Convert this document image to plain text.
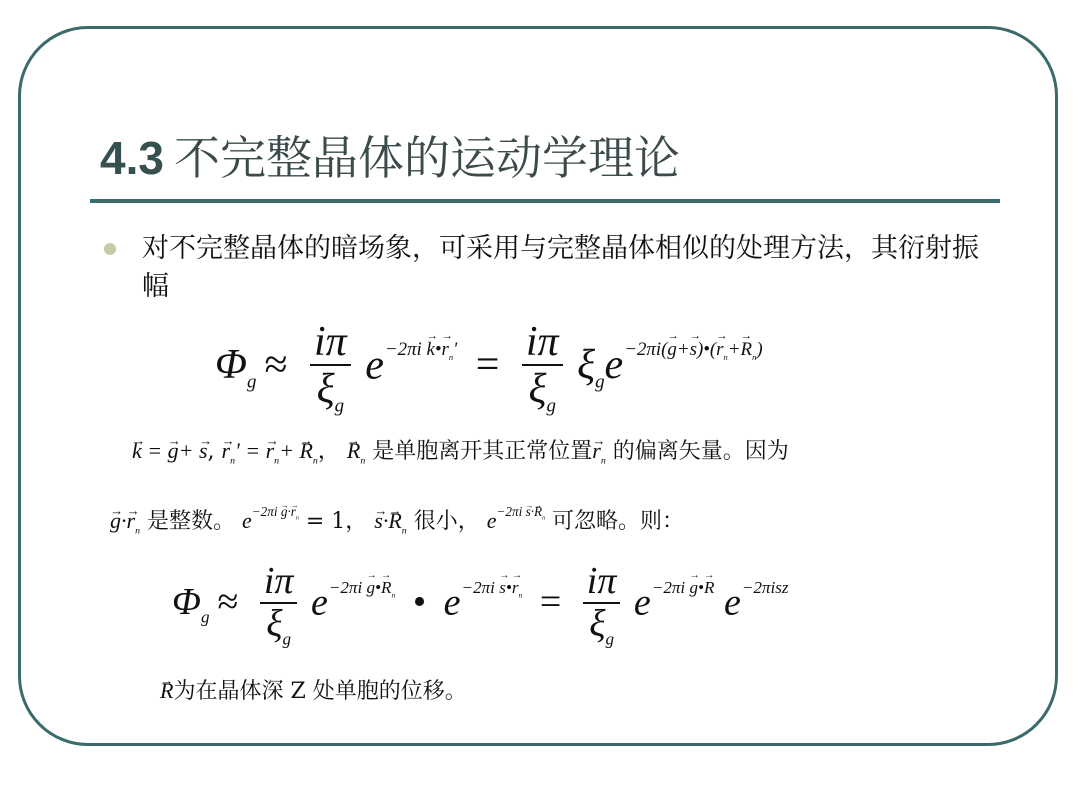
4.3 不完整晶体的运动学理论

对不完整晶体的暗场象，可采用与完整晶体相似的处理方法，其衍射振幅

$\Phi_g \approx \frac{i\pi}{\xi_g} e^{-2\pi i \to k•\to r_n'} = \frac{i\pi}{\xi_g} \xi_ge^{-2\pi i(\to g+\to s)•(\to r_n+\to R_n)}$
→ k = → g+ → s, → $r_n'$ = → $r_n+ \to R_n$， → $R_n$ 是单胞离开其正常位置→ $r_n$ 的偏离矢量。因为
→ $g\cdot\to r_n$ 是整数。 $e^{-2\pi i \to g\cdot\to r_n} = 1$， → $s\cdot\to R_n$ 很小， $e^{-2\pi i \to s\cdot\to R_n}$ 可忽略。则：
$\Phi_g \approx \frac{i\pi}{\xi_g} e^{-2\pi i \to g•\to R_n}$ • $e^{-2\pi i \to s•\to r_n} = \frac{i\pi}{\xi_g} e^{-2\pi i \to g•\to R}$ $e^{-2\pi isz}$
→ R为在晶体深 Z 处单胞的位移。
